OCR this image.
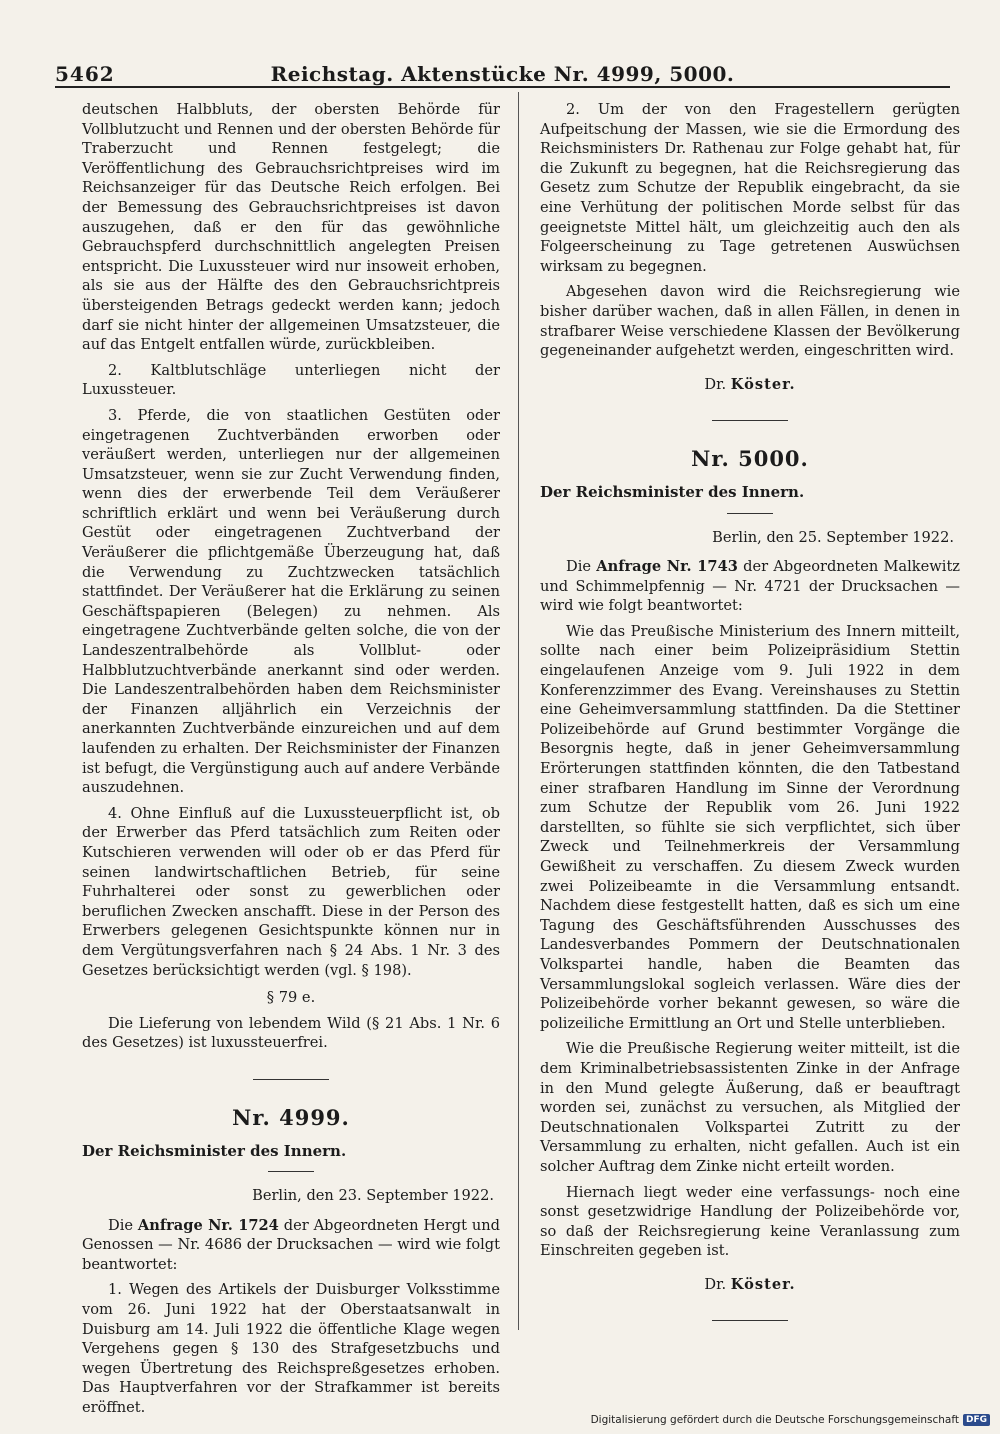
5462	Reichstag. Aktenstücke Nr. 4999, 5000.

deutschen Halbbluts, der obersten Behörde für Vollblutzucht und Rennen und der obersten Behörde für Traberzucht und Rennen festgelegt; die Veröffentlichung des Gebrauchsrichtpreises wird im Reichsanzeiger für das Deutsche Reich erfolgen. Bei der Bemessung des Gebrauchsrichtpreises ist davon auszugehen, daß er den für das gewöhnliche Gebrauchspferd durchschnittlich angelegten Preisen entspricht. Die Luxussteuer wird nur insoweit erhoben, als sie aus der Hälfte des den Gebrauchsrichtpreis übersteigenden Betrags gedeckt werden kann; jedoch darf sie nicht hinter der allgemeinen Umsatzsteuer, die auf das Entgelt entfallen würde, zurückbleiben.

2. Kaltblutschläge unterliegen nicht der Luxussteuer.

3. Pferde, die von staatlichen Gestüten oder eingetragenen Zuchtverbänden erworben oder veräußert werden, unterliegen nur der allgemeinen Umsatzsteuer, wenn sie zur Zucht Verwendung finden, wenn dies der erwerbende Teil dem Veräußerer schriftlich erklärt und wenn bei Veräußerung durch Gestüt oder eingetragenen Zuchtverband der Veräußerer die pflichtgemäße Überzeugung hat, daß die Verwendung zu Zuchtzwecken tatsächlich stattfindet. Der Veräußerer hat die Erklärung zu seinen Geschäftspapieren (Belegen) zu nehmen. Als eingetragene Zuchtverbände gelten solche, die von der Landeszentralbehörde als Vollblut- oder Halbblutzuchtverbände anerkannt sind oder werden. Die Landeszentralbehörden haben dem Reichsminister der Finanzen alljährlich ein Verzeichnis der anerkannten Zuchtverbände einzureichen und auf dem laufenden zu erhalten. Der Reichsminister der Finanzen ist befugt, die Vergünstigung auch auf andere Verbände auszudehnen.

4. Ohne Einfluß auf die Luxussteuerpflicht ist, ob der Erwerber das Pferd tatsächlich zum Reiten oder Kutschieren verwenden will oder ob er das Pferd für seinen landwirtschaftlichen Betrieb, für seine Fuhrhalterei oder sonst zu gewerblichen oder beruflichen Zwecken anschafft. Diese in der Person des Erwerbers gelegenen Gesichtspunkte können nur in dem Vergütungsverfahren nach § 24 Abs. 1 Nr. 3 des Gesetzes berücksichtigt werden (vgl. § 198).

§ 79 e.

Die Lieferung von lebendem Wild (§ 21 Abs. 1 Nr. 6 des Gesetzes) ist luxussteuerfrei.

Nr. 4999.

Der Reichsminister des Innern.

Berlin, den 23. September 1922.

Die Anfrage Nr. 1724 der Abgeordneten Hergt und Genossen — Nr. 4686 der Drucksachen — wird wie folgt beantwortet:

1. Wegen des Artikels der Duisburger Volksstimme vom 26. Juni 1922 hat der Oberstaatsanwalt in Duisburg am 14. Juli 1922 die öffentliche Klage wegen Vergehens gegen § 130 des Strafgesetzbuchs und wegen Übertretung des Reichspreßgesetzes erhoben. Das Hauptverfahren vor der Strafkammer ist bereits eröffnet.

2. Um der von den Fragestellern gerügten Aufpeitschung der Massen, wie sie die Ermordung des Reichsministers Dr. Rathenau zur Folge gehabt hat, für die Zukunft zu begegnen, hat die Reichsregierung das Gesetz zum Schutze der Republik eingebracht, da sie eine Verhütung der politischen Morde selbst für das geeignetste Mittel hält, um gleichzeitig auch den als Folgeerscheinung zu Tage getretenen Auswüchsen wirksam zu begegnen.

Abgesehen davon wird die Reichsregierung wie bisher darüber wachen, daß in allen Fällen, in denen in strafbarer Weise verschiedene Klassen der Bevölkerung gegeneinander aufgehetzt werden, eingeschritten wird.

Dr. Köster.

Nr. 5000.

Der Reichsminister des Innern.

Berlin, den 25. September 1922.

Die Anfrage Nr. 1743 der Abgeordneten Malkewitz und Schimmelpfennig — Nr. 4721 der Drucksachen — wird wie folgt beantwortet:

Wie das Preußische Ministerium des Innern mitteilt, sollte nach einer beim Polizeipräsidium Stettin eingelaufenen Anzeige vom 9. Juli 1922 in dem Konferenzzimmer des Evang. Vereinshauses zu Stettin eine Geheimversammlung stattfinden. Da die Stettiner Polizeibehörde auf Grund bestimmter Vorgänge die Besorgnis hegte, daß in jener Geheimversammlung Erörterungen stattfinden könnten, die den Tatbestand einer strafbaren Handlung im Sinne der Verordnung zum Schutze der Republik vom 26. Juni 1922 darstellten, so fühlte sie sich verpflichtet, sich über Zweck und Teilnehmerkreis der Versammlung Gewißheit zu verschaffen. Zu diesem Zweck wurden zwei Polizeibeamte in die Versammlung entsandt. Nachdem diese festgestellt hatten, daß es sich um eine Tagung des Geschäftsführenden Ausschusses des Landesverbandes Pommern der Deutschnationalen Volkspartei handle, haben die Beamten das Versammlungslokal sogleich verlassen. Wäre dies der Polizeibehörde vorher bekannt gewesen, so wäre die polizeiliche Ermittlung an Ort und Stelle unterblieben.

Wie die Preußische Regierung weiter mitteilt, ist die dem Kriminalbetriebsassistenten Zinke in der Anfrage in den Mund gelegte Äußerung, daß er beauftragt worden sei, zunächst zu versuchen, als Mitglied der Deutschnationalen Volkspartei Zutritt zu der Versammlung zu erhalten, nicht gefallen. Auch ist ein solcher Auftrag dem Zinke nicht erteilt worden.

Hiernach liegt weder eine verfassungs- noch eine sonst gesetzwidrige Handlung der Polizeibehörde vor, so daß der Reichsregierung keine Veranlassung zum Einschreiten gegeben ist.

Dr. Köster.

Digitalisierung gefördert durch die Deutsche Forschungsgemeinschaft DFG
